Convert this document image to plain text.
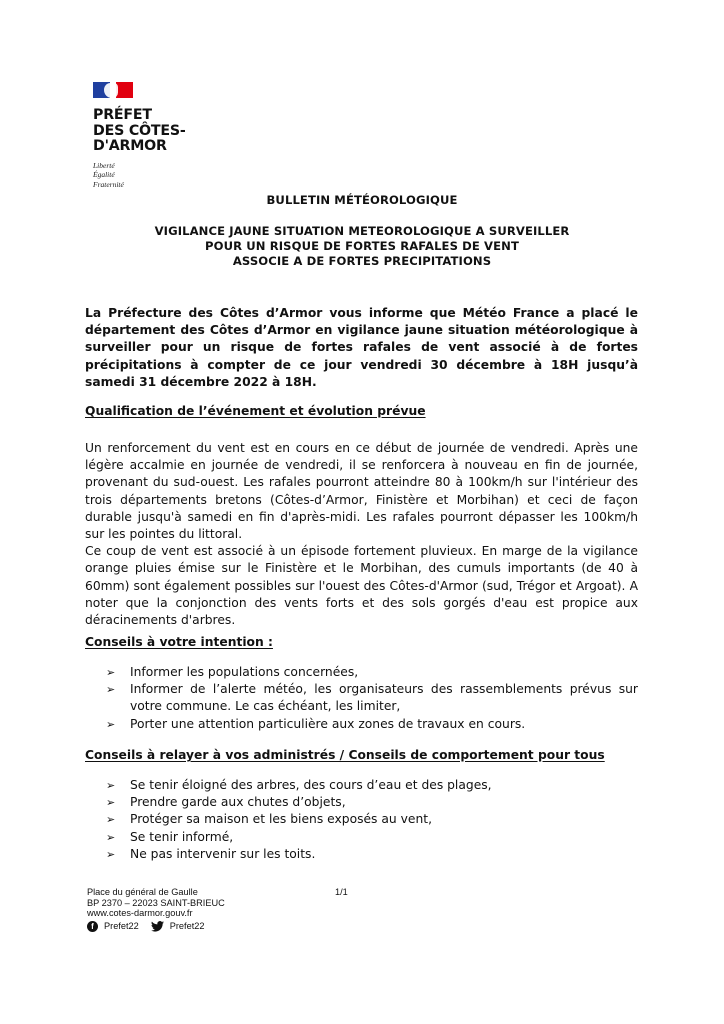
PRÉFET
DES CÔTES-
D'ARMOR
Liberté
Égalité
Fraternité
BULLETIN MÉTÉOROLOGIQUE
VIGILANCE JAUNE SITUATION METEOROLOGIQUE A SURVEILLER
POUR UN RISQUE DE FORTES RAFALES DE VENT
ASSOCIE A DE FORTES PRECIPITATIONS
La Préfecture des Côtes d’Armor vous informe que Météo France a placé le département des Côtes d’Armor en vigilance jaune situation météorologique à surveiller pour un risque de fortes rafales de vent associé à de fortes précipitations à compter de ce jour vendredi 30 décembre à 18H jusqu’à samedi 31 décembre 2022 à 18H.
Qualification de l’événement et évolution prévue
Un renforcement du vent est en cours en ce début de journée de vendredi. Après une légère accalmie en journée de vendredi, il se renforcera à nouveau en fin de journée, provenant du sud-ouest. Les rafales pourront atteindre 80 à 100km/h sur l'intérieur des trois départements bretons (Côtes-d’Armor, Finistère et Morbihan) et ceci de façon durable jusqu'à samedi en fin d'après-midi. Les rafales pourront dépasser les 100km/h sur les pointes du littoral.
Ce coup de vent est associé à un épisode fortement pluvieux. En marge de la vigilance orange pluies émise sur le Finistère et le Morbihan, des cumuls importants (de 40 à 60mm) sont également possibles sur l'ouest des Côtes-d'Armor (sud, Trégor et Argoat). A noter que la conjonction des vents forts et des sols gorgés d'eau est propice aux déracinements d'arbres.
Conseils à votre intention :
➢ Informer les populations concernées,
➢ Informer de l’alerte météo, les organisateurs des rassemblements prévus sur votre commune. Le cas échéant, les limiter,
➢ Porter une attention particulière aux zones de travaux en cours.
Conseils à relayer à vos administrés / Conseils de comportement pour tous
➢ Se tenir éloigné des arbres, des cours d’eau et des plages,
➢ Prendre garde aux chutes d’objets,
➢ Protéger sa maison et les biens exposés au vent,
➢ Se tenir informé,
➢ Ne pas intervenir sur les toits.
Place du général de Gaulle
BP 2370 – 22023 SAINT-BRIEUC
www.cotes-darmor.gouv.fr
f	Prefet22	Prefet22
1/1
